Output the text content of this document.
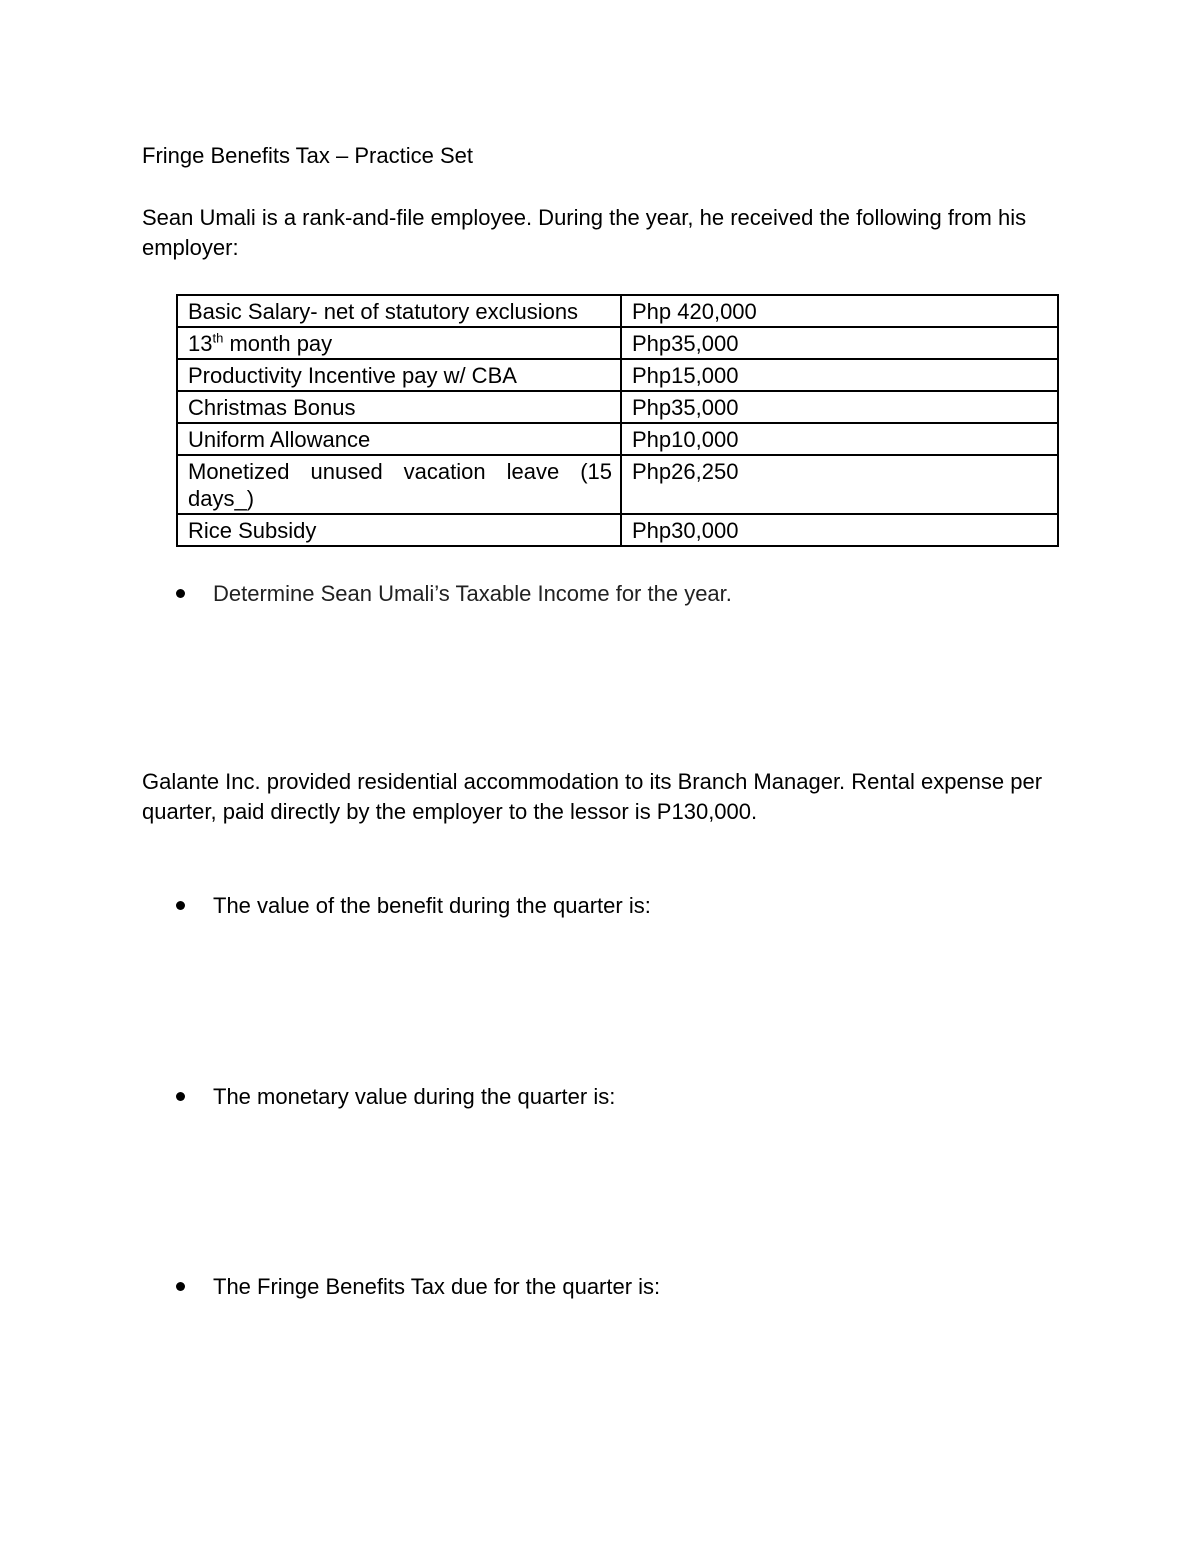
Fringe Benefits Tax – Practice Set
Sean Umali is a rank-and-file employee. During the year, he received the following from his employer:
Basic Salary- net of statutory exclusions	Php 420,000
13th month pay	Php35,000
Productivity Incentive pay w/ CBA	Php15,000
Christmas Bonus	Php35,000
Uniform Allowance	Php10,000
Monetized unused vacation leave (15 days_)	Php26,250
Rice Subsidy	Php30,000
Determine Sean Umali’s Taxable Income for the year.
Galante Inc. provided residential accommodation to its Branch Manager. Rental expense per quarter, paid directly by the employer to the lessor is P130,000.
The value of the benefit during the quarter is:
The monetary value during the quarter is:
The Fringe Benefits Tax due for the quarter is:
